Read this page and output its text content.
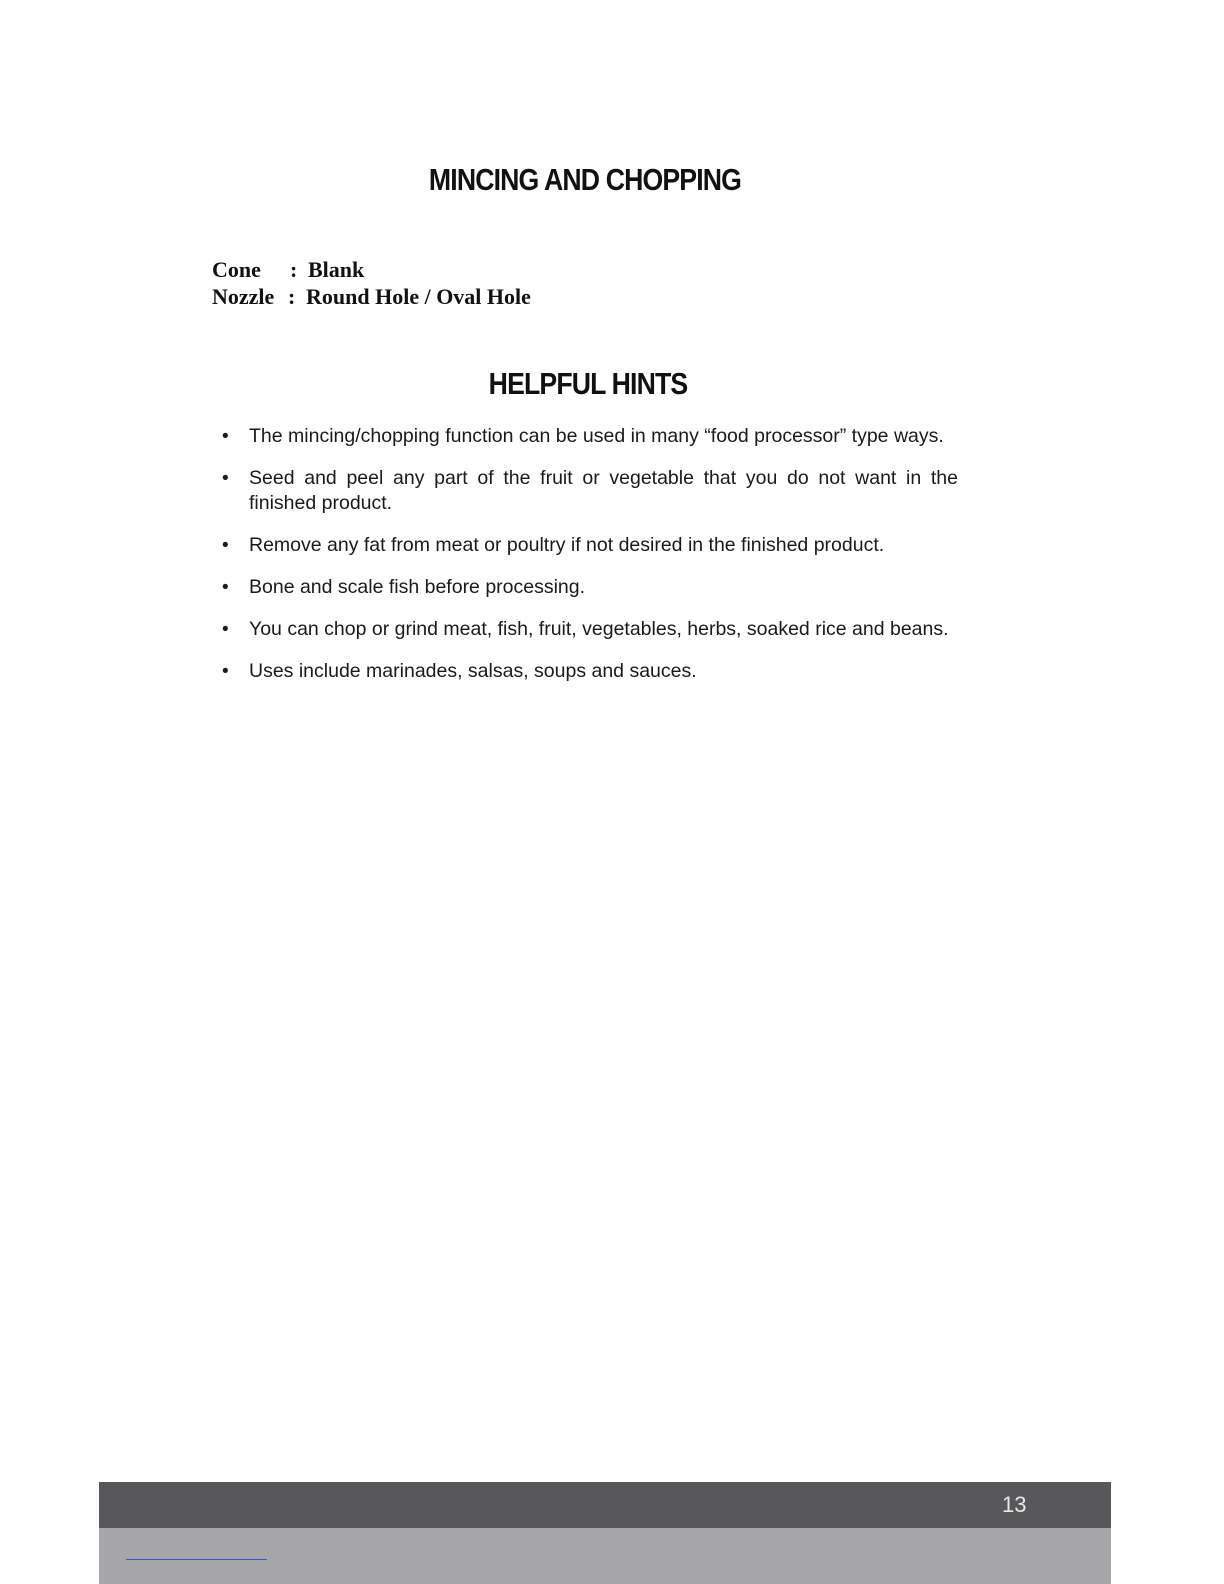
MINCING AND CHOPPING

Cone : Blank

Nozzle : Round Hole / Oval Hole

HELPFUL HINTS
• The mincing/chopping function can be used in many “food processor” type ways.
• Seed and peel any part of the fruit or vegetable that you do not want in the finished product.
• Remove any fat from meat or poultry if not desired in the finished product.
• Bone and scale fish before processing.
• You can chop or grind meat, fish, fruit, vegetables, herbs, soaked rice and beans.
• Uses include marinades, salsas, soups and sauces.
13
